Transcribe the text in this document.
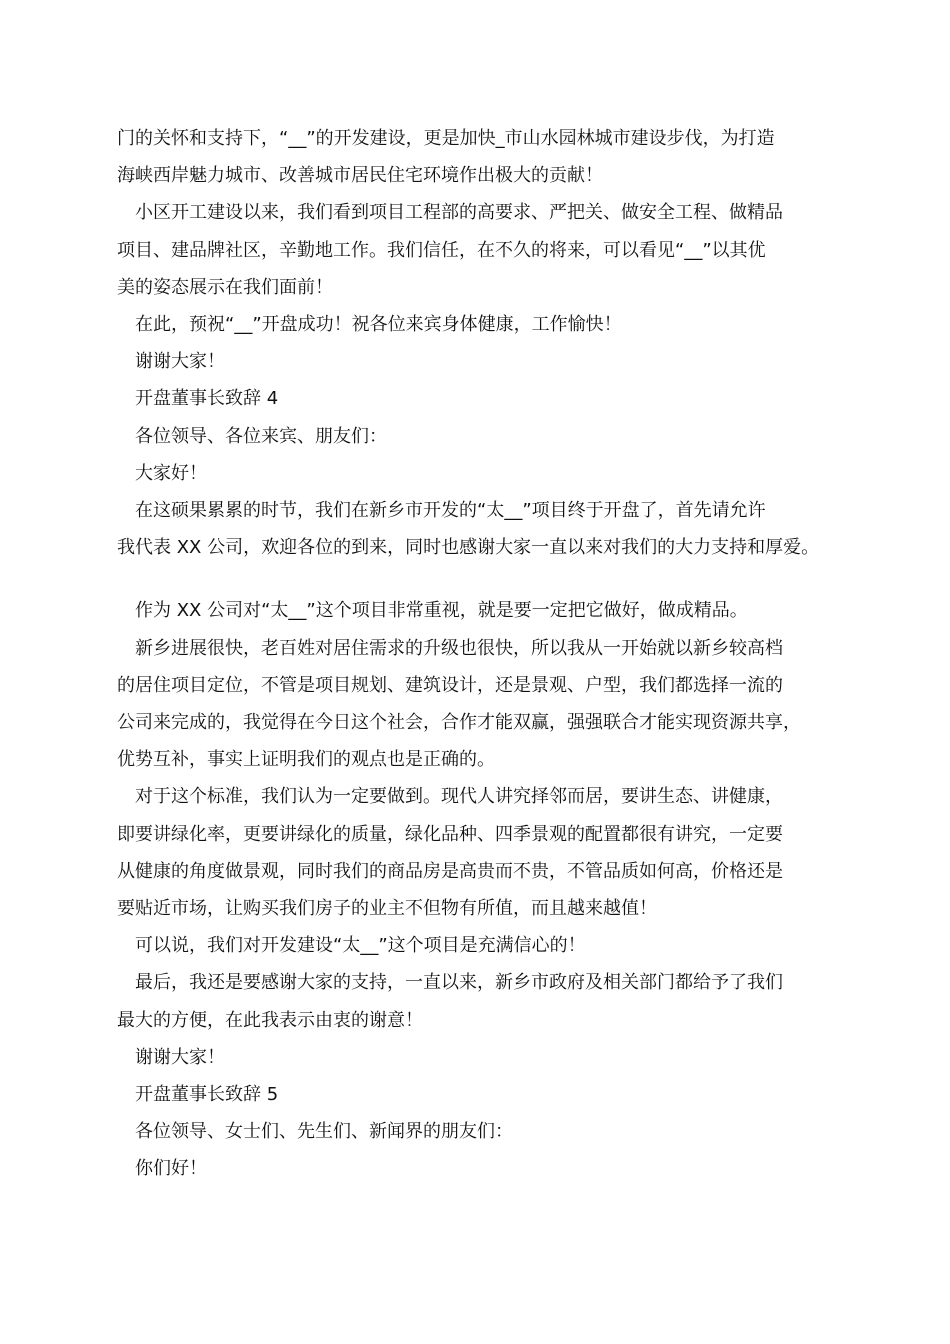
门的关怀和支持下，“__”的开发建设，更是加快_市山水园林城市建设步伐，为打造
海峡西岸魅力城市、改善城市居民住宅环境作出极大的贡献！
小区开工建设以来，我们看到项目工程部的高要求、严把关、做安全工程、做精品
项目、建品牌社区，辛勤地工作。我们信任，在不久的将来，可以看见“__”以其优
美的姿态展示在我们面前！
在此，预祝“__”开盘成功！祝各位来宾身体健康，工作愉快！
谢谢大家！
开盘董事长致辞 4
各位领导、各位来宾、朋友们：
大家好！
在这硕果累累的时节，我们在新乡市开发的“太__”项目终于开盘了，首先请允许
我代表 XX 公司，欢迎各位的到来，同时也感谢大家一直以来对我们的大力支持和厚爱。
作为 XX 公司对“太__”这个项目非常重视，就是要一定把它做好，做成精品。
新乡进展很快，老百姓对居住需求的升级也很快，所以我从一开始就以新乡较高档
的居住项目定位，不管是项目规划、建筑设计，还是景观、户型，我们都选择一流的
公司来完成的，我觉得在今日这个社会，合作才能双赢，强强联合才能实现资源共享，
优势互补，事实上证明我们的观点也是正确的。
对于这个标准，我们认为一定要做到。现代人讲究择邻而居，要讲生态、讲健康，
即要讲绿化率，更要讲绿化的质量，绿化品种、四季景观的配置都很有讲究，一定要
从健康的角度做景观，同时我们的商品房是高贵而不贵，不管品质如何高，价格还是
要贴近市场，让购买我们房子的业主不但物有所值，而且越来越值！
可以说，我们对开发建设“太__”这个项目是充满信心的！
最后，我还是要感谢大家的支持，一直以来，新乡市政府及相关部门都给予了我们
最大的方便，在此我表示由衷的谢意！
谢谢大家！
开盘董事长致辞 5
各位领导、女士们、先生们、新闻界的朋友们：
你们好！
